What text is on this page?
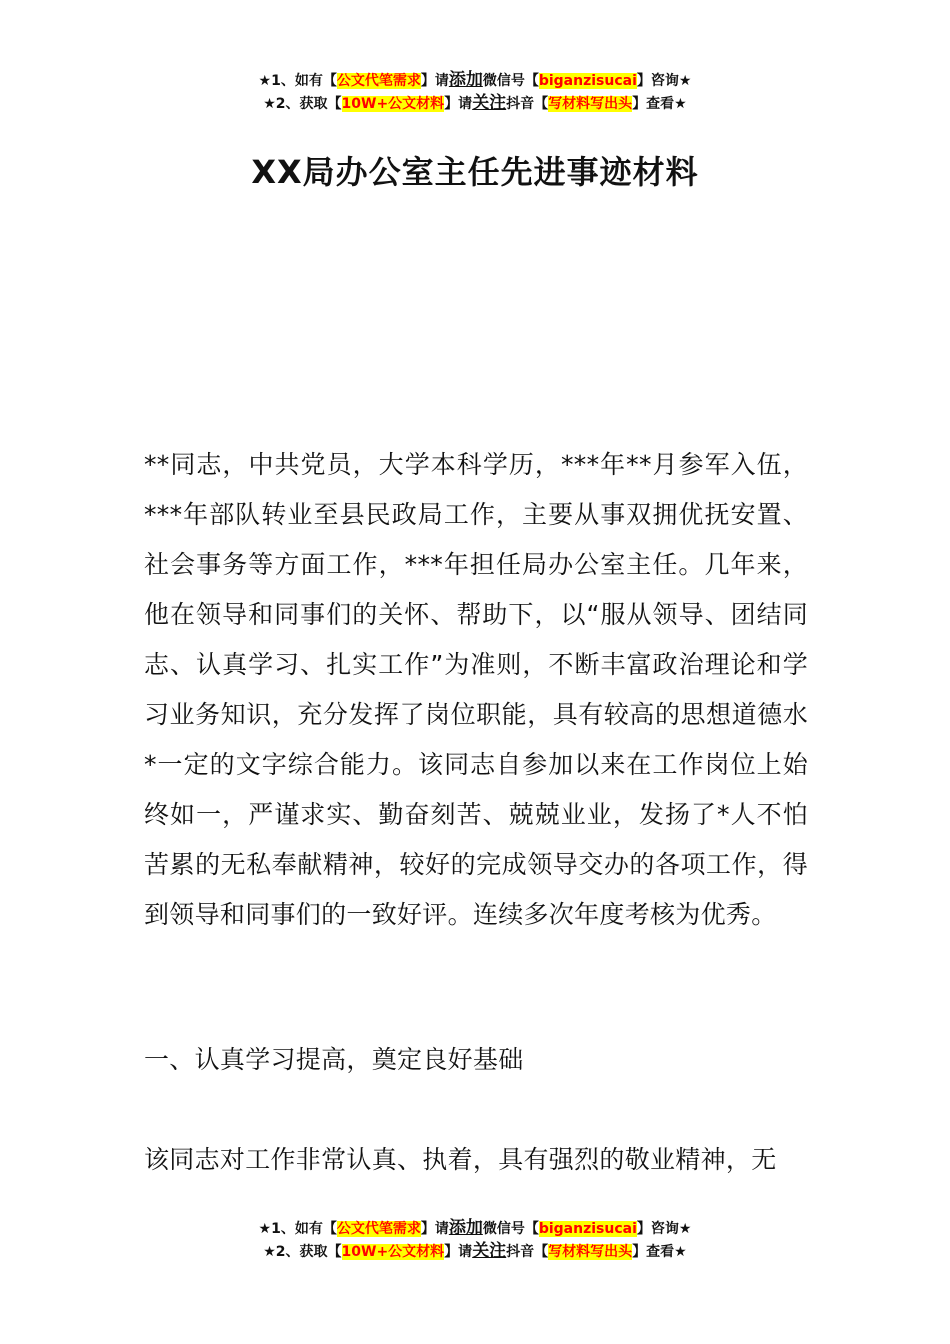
★1、如有【公文代笔需求】请添加微信号【biganzisucai】咨询★
★2、获取【10W+公文材料】请关注抖音【写材料写出头】查看★
XX局办公室主任先进事迹材料

**同志，中共党员，大学本科学历，***年**月参军入伍，***年部队转业至县民政局工作，主要从事双拥优抚安置、社会事务等方面工作，***年担任局办公室主任。几年来，他在领导和同事们的关怀、帮助下，以“服从领导、团结同志、认真学习、扎实工作”为准则，不断丰富政治理论和学习业务知识，充分发挥了岗位职能，具有较高的思想道德水*一定的文字综合能力。该同志自参加以来在工作岗位上始终如一，严谨求实、勤奋刻苦、兢兢业业，发扬了*人不怕苦累的无私奉献精神，较好的完成领导交办的各项工作，得到领导和同事们的一致好评。连续多次年度考核为优秀。

一、认真学习提高，奠定良好基础

该同志对工作非常认真、执着，具有强烈的敬业精神，无

★1、如有【公文代笔需求】请添加微信号【biganzisucai】咨询★
★2、获取【10W+公文材料】请关注抖音【写材料写出头】查看★
